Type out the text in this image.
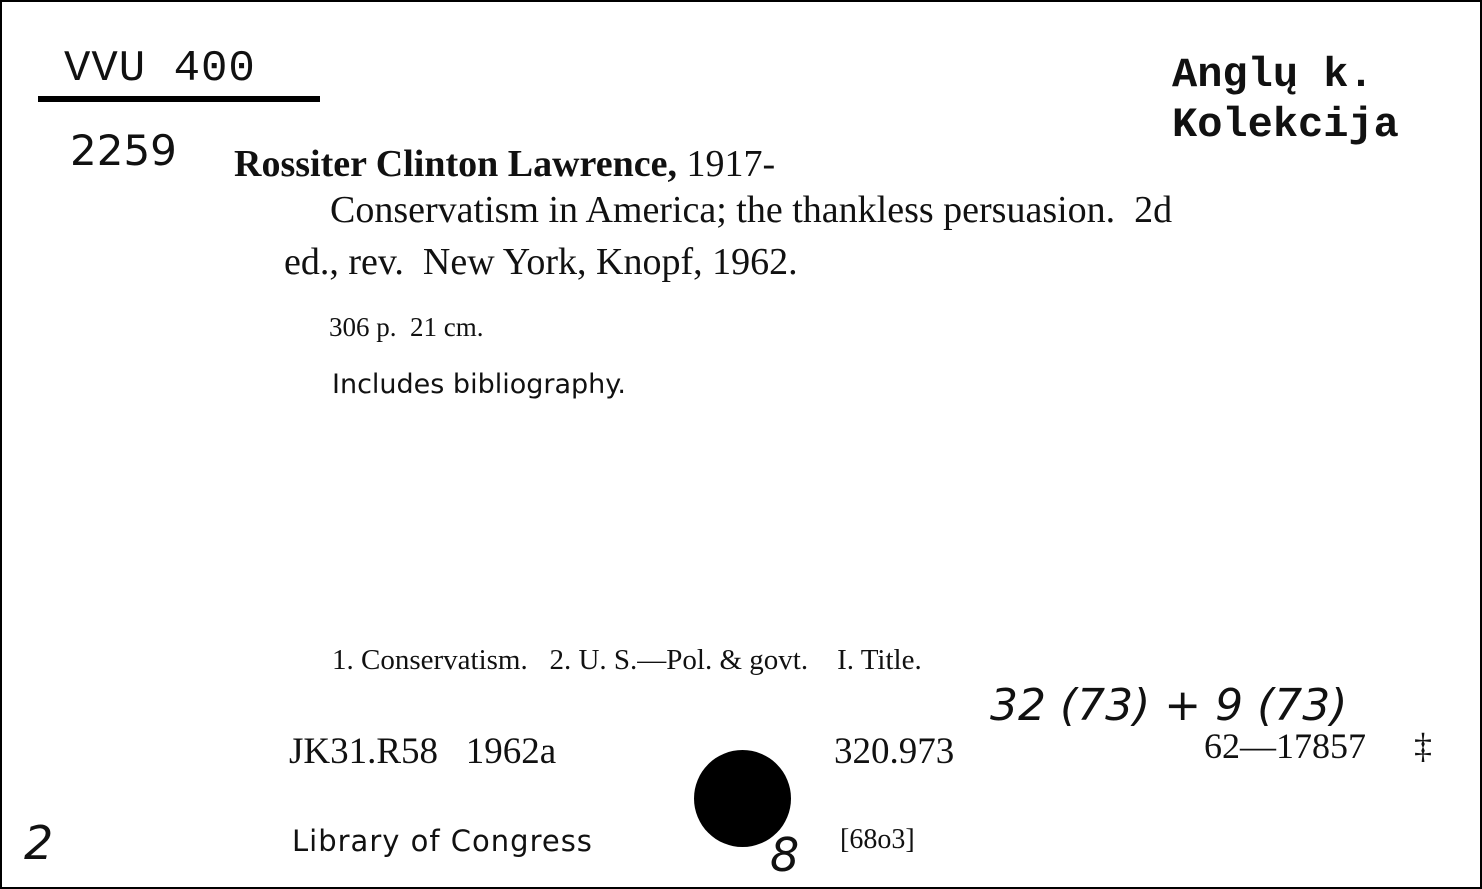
VVU 400
2259
Anglų k.
Kolekcija
Rossiter Clinton Lawrence, 1917-
Conservatism in America; the thankless persuasion.  2d
ed., rev.  New York, Knopf, 1962.
306 p.  21 cm.
Includes bibliography.
1. Conservatism.   2. U. S.—Pol. & govt.    I. Title.
32 (73) + 9 (73)
JK31.R58   1962a	320.973	62—17857 ‡
Library of Congress	[68o3]
2	8
